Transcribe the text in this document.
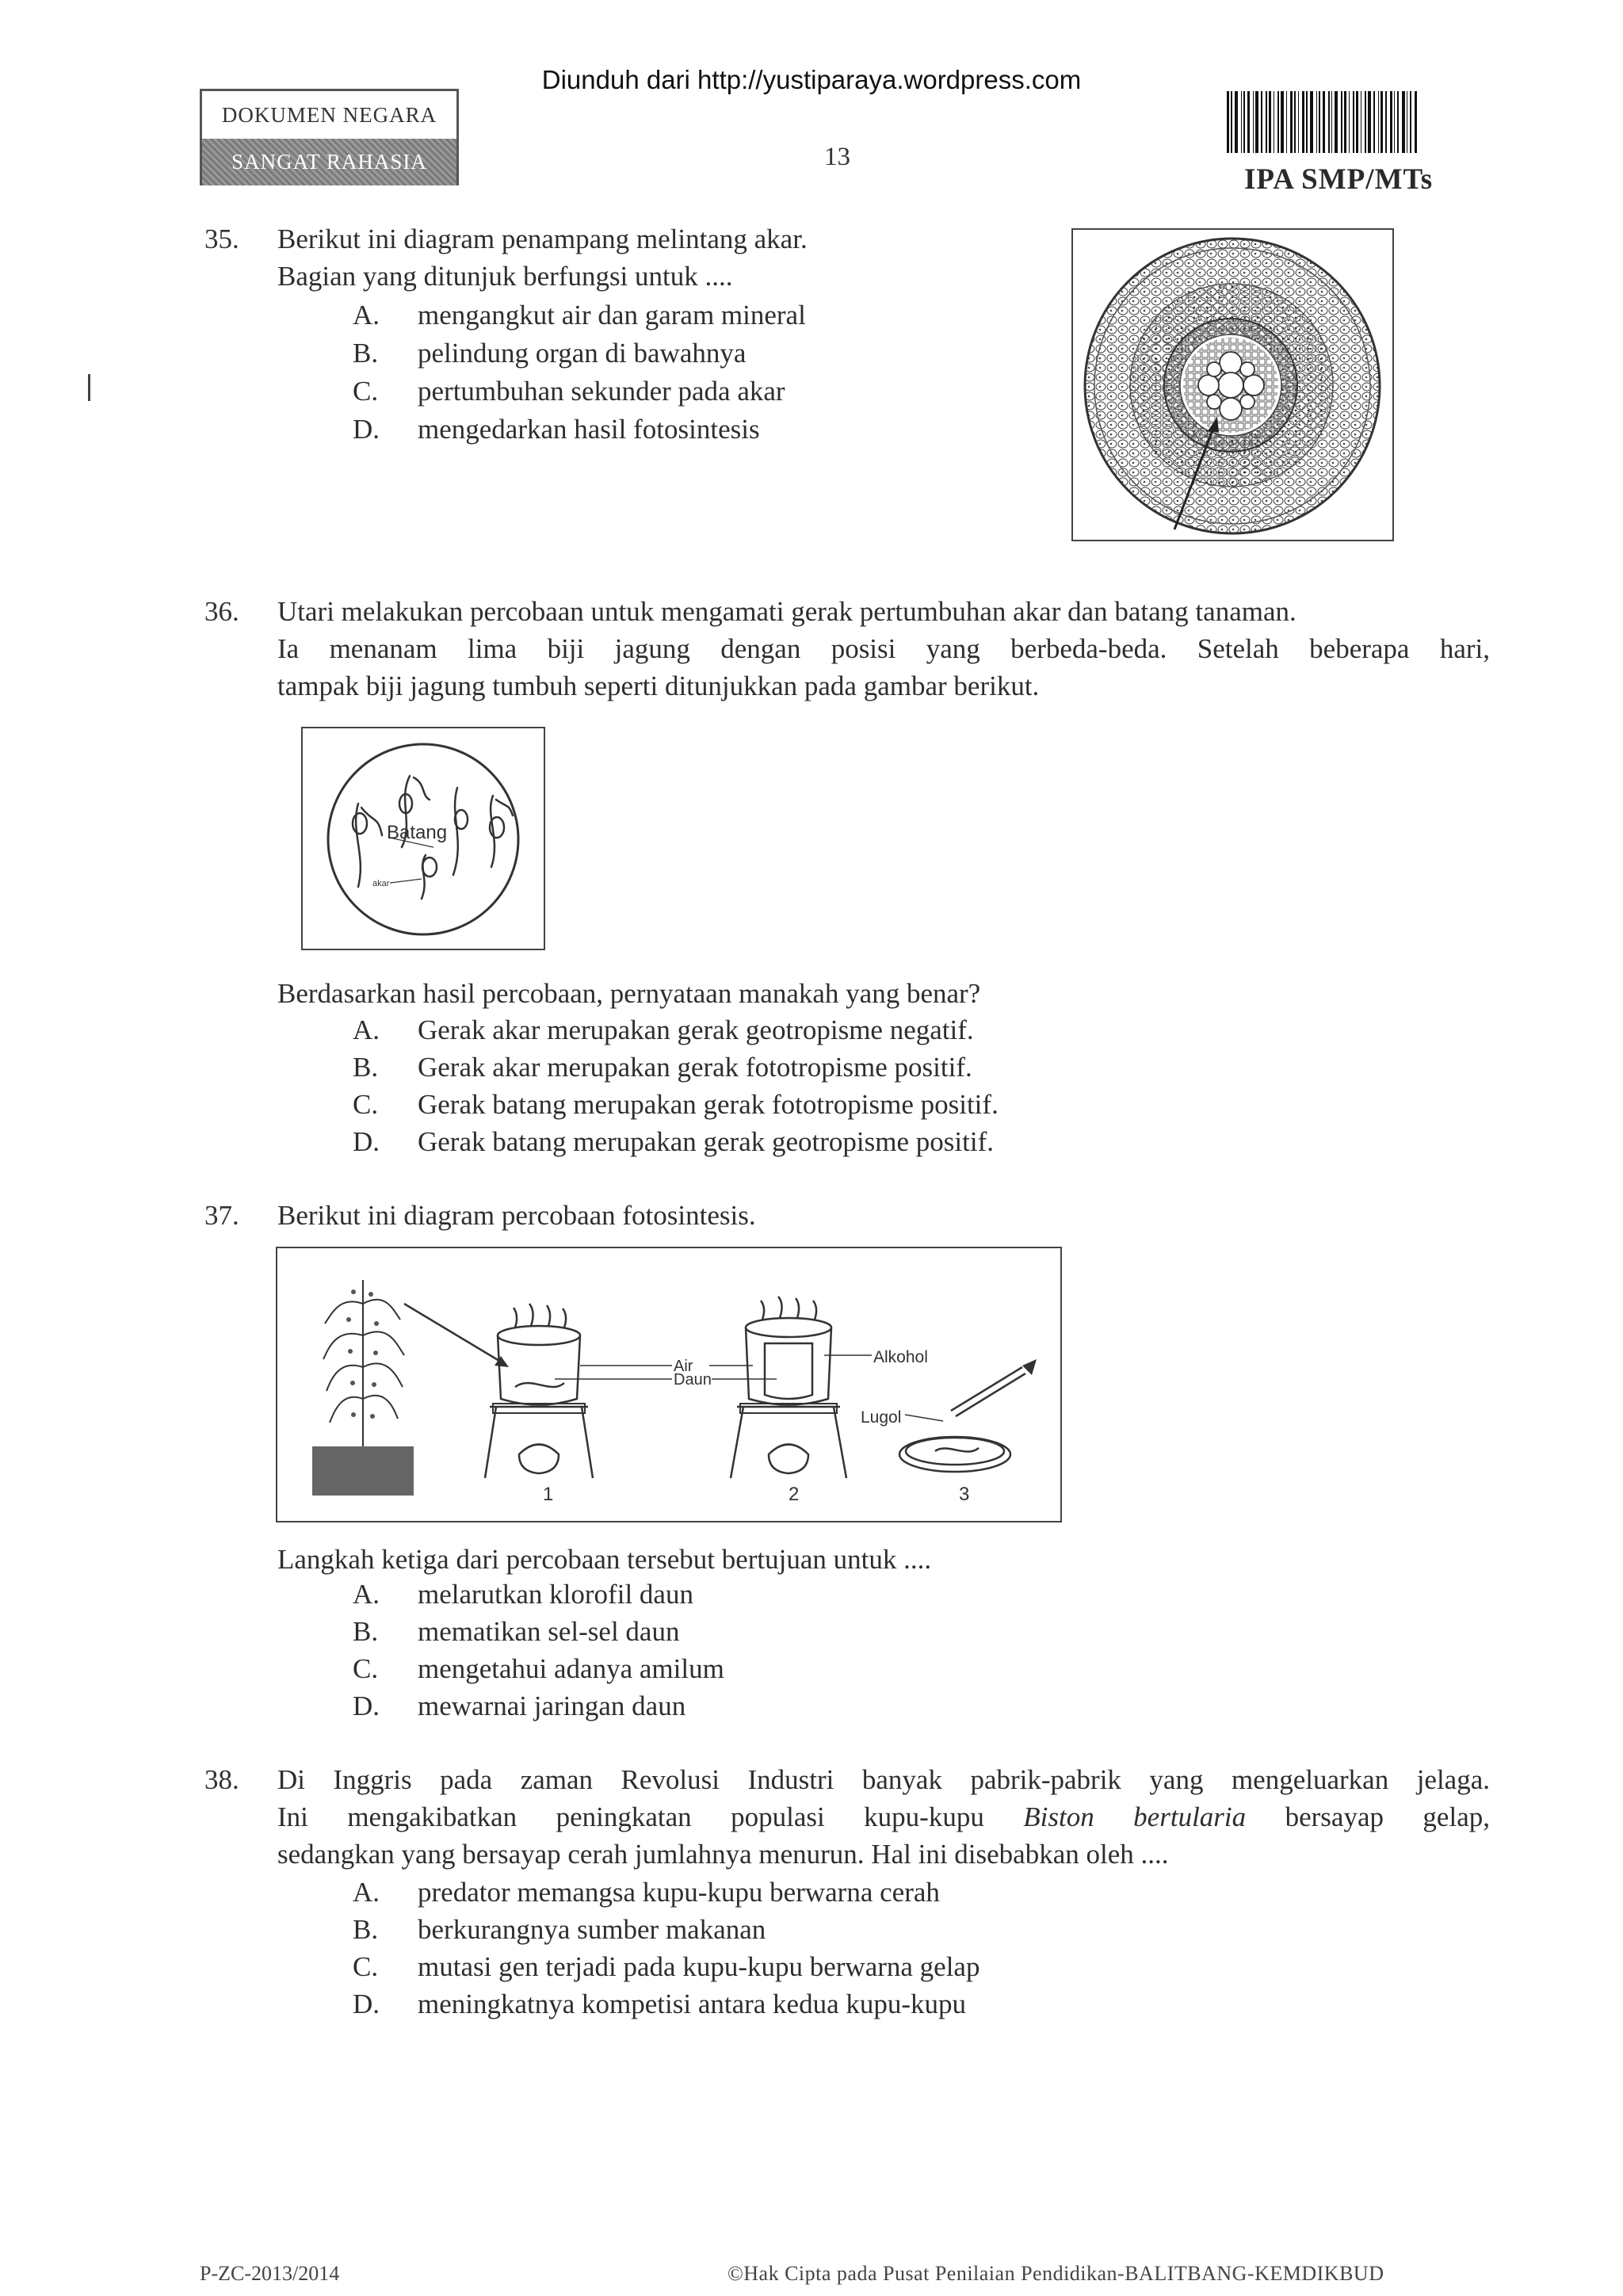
Diunduh dari http://yustiparaya.wordpress.com
DOKUMEN NEGARA
SANGAT RAHASIA	13
IPA SMP/MTs
35. Berikut ini diagram penampang melintang akar.
Bagian yang ditunjuk berfungsi untuk ....
A. mengangkut air dan garam mineral
B. pelindung organ di bawahnya
C. pertumbuhan sekunder pada akar
D. mengedarkan hasil fotosintesis
36. Utari melakukan percobaan untuk mengamati gerak pertumbuhan akar dan batang tanaman.
Ia menanam lima biji jagung dengan posisi yang berbeda-beda. Setelah beberapa hari,
tampak biji jagung tumbuh seperti ditunjukkan pada gambar berikut.
Batang
akar
Berdasarkan hasil percobaan, pernyataan manakah yang benar?
A. Gerak akar merupakan gerak geotropisme negatif.
B. Gerak akar merupakan gerak fototropisme positif.
C. Gerak batang merupakan gerak fototropisme positif.
D. Gerak batang merupakan gerak geotropisme positif.
37. Berikut ini diagram percobaan fotosintesis.
Air
Daun
Alkohol
Lugol
1	2	3
Langkah ketiga dari percobaan tersebut bertujuan untuk ....
A. melarutkan klorofil daun
B. mematikan sel-sel daun
C. mengetahui adanya amilum
D. mewarnai jaringan daun
38. Di Inggris pada zaman Revolusi Industri banyak pabrik-pabrik yang mengeluarkan jelaga.
Ini mengakibatkan peningkatan populasi kupu-kupu Biston bertularia bersayap gelap,
sedangkan yang bersayap cerah jumlahnya menurun. Hal ini disebabkan oleh ....
A. predator memangsa kupu-kupu berwarna cerah
B. berkurangnya sumber makanan
C. mutasi gen terjadi pada kupu-kupu berwarna gelap
D. meningkatnya kompetisi antara kedua kupu-kupu
P-ZC-2013/2014	©Hak Cipta pada Pusat Penilaian Pendidikan-BALITBANG-KEMDIKBUD
